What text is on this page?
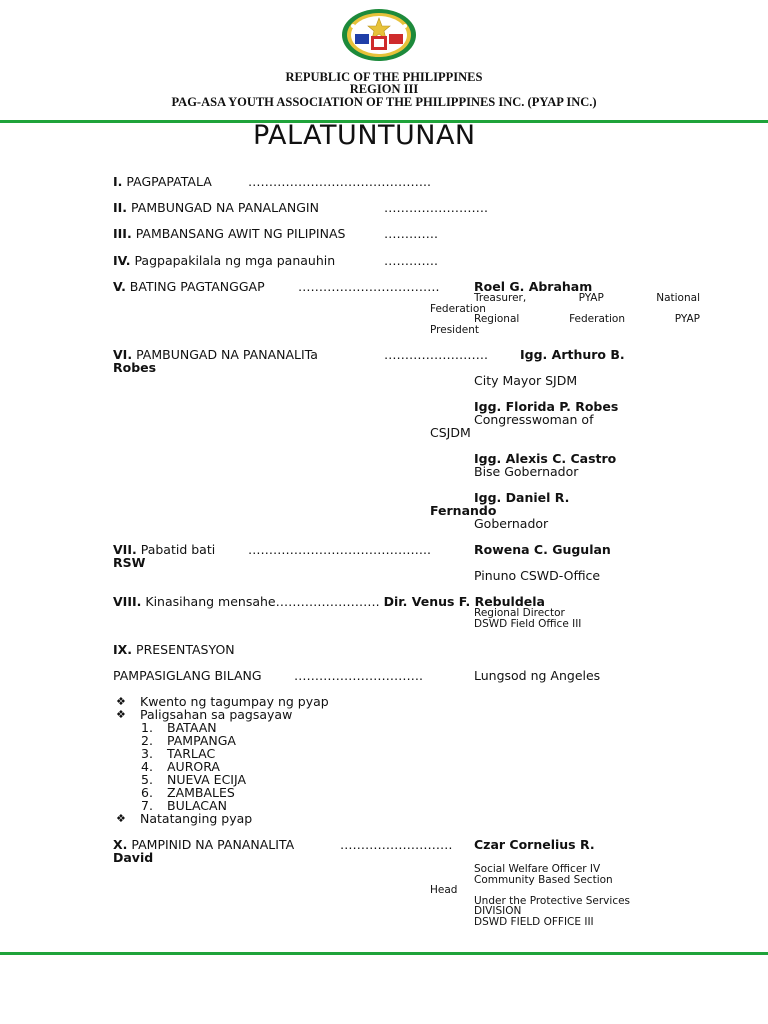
REPUBLIC OF THE PHILIPPINES
REGION III
PAG-ASA YOUTH ASSOCIATION OF THE PHILIPPINES INC. (PYAP INC.)
PALATUNTUNAN
I. PAGPAPATALA	……………………………………..
II. PAMBUNGAD NA PANALANGIN	…………………….
III. PAMBANSANG AWIT NG PILIPINAS	………….
IV. Pagpapakilala ng mga panauhin	………….
V. BATING PAGTANGGAP	…………………………….	Roel G. Abraham
Treasurer, PYAP National
Federation
Regional Federation PYAP
President
VI. PAMBUNGAD NA PANANALITa	…………………….	Igg. Arthuro B.
Robes
City Mayor SJDM
Igg. Florida P. Robes
Congresswoman of
CSJDM
Igg. Alexis C. Castro
Bise Gobernador
Igg. Daniel R.
Fernando
Gobernador
VII. Pabatid bati	……………………………………..	Rowena C. Gugulan
RSW
Pinuno CSWD-Office
VIII. Kinasihang mensahe……………………. Dir. Venus F. Rebuldela
Regional Director
DSWD Field Office III
IX. PRESENTASYON
PAMPASIGLANG BILANG	………………………….	Lungsod ng Angeles
❖ Kwento ng tagumpay ng pyap
❖ Paligsahan sa pagsayaw
1. BATAAN
2. PAMPANGA
3. TARLAC
4. AURORA
5. NUEVA ECIJA
6. ZAMBALES
7. BULACAN
❖ Natatanging pyap
X. PAMPINID NA PANANALITA	……………………… Czar Cornelius R.
David
Social Welfare Officer IV
Community Based Section
Head
Under the Protective Services
DIVISION
DSWD FIELD OFFICE III
